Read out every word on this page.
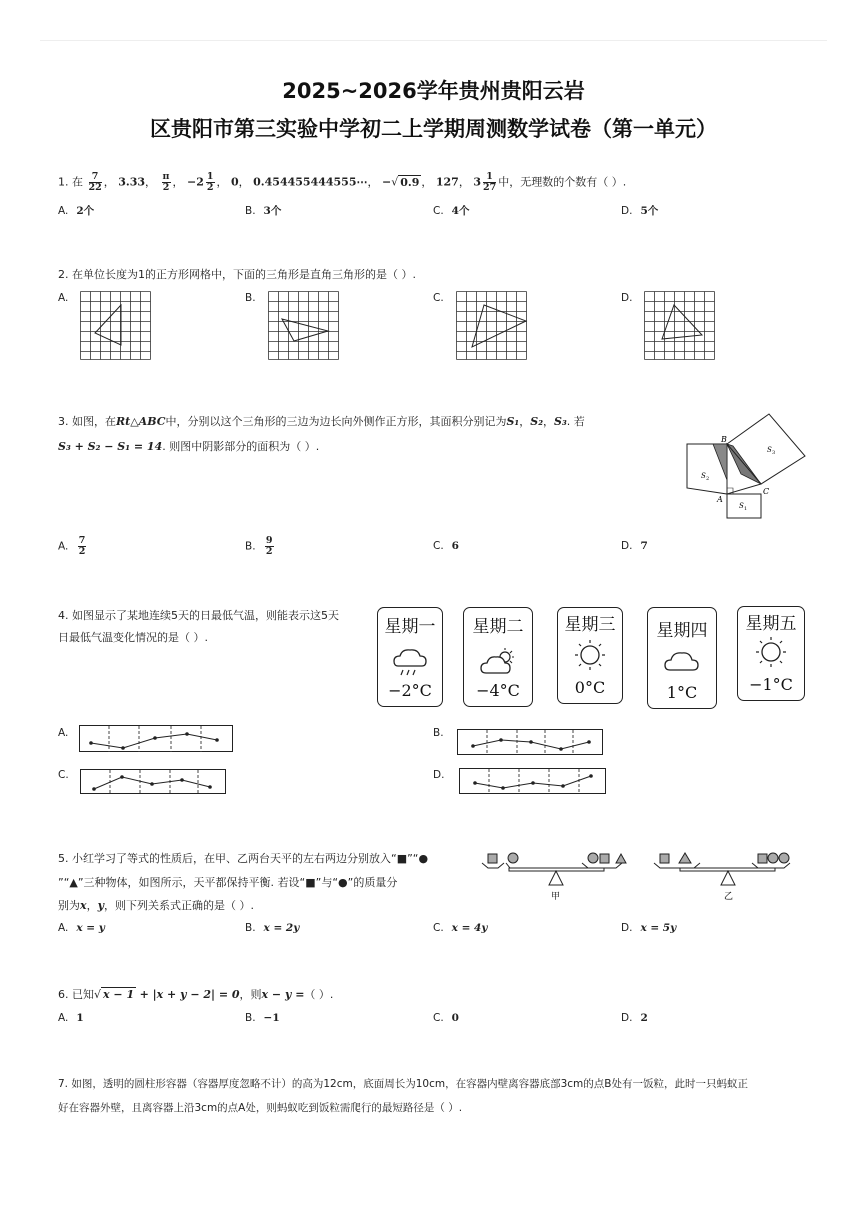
2025~2026学年贵州贵阳云岩
区贵阳市第三实验中学初二上学期周测数学试卷（第一单元）
1. 在 $\frac{7}{22}$ ， 3.33， $\frac{\pi}{2}$ ， $-2 \frac{1}{2}$ ， 0， 0.454455444555⋯， −√ 0.9 ， 127， $3 \frac{1}{27}$ 中，无理数的个数有（ ）.
A. 2个	B. 3个	C. 4个	D. 5个
2. 在单位长度为1的正方形网格中，下面的三角形是直角三角形的是（ ）.
A.	B.	C.	D.
3. 如图，在Rt△ABC中，分别以这个三角形的三边为边长向外侧作正方形，其面积分别记为S₁，S₂，S₃. 若
S₃ + S₂ − S₁ = 14. 则图中阴影部分的面积为（ ）.
B
A
C
S 1
S 2
S 3
A. $\frac{7}{2}$	B. $\frac{9}{2}$	C. 6	D. 7
4. 如图显示了某地连续5天的日最低气温，则能表示这5天
日最低气温变化情况的是（ ）.
星期一
−2°C
星期二
−4°C
星期三
0°C
星期四
1°C
星期五
−1°C
A.	B.
C.	D.
5. 小红学习了等式的性质后，在甲、乙两台天平的左右两边分别放入“■”“●
”“▲”三种物体，如图所示，天平都保持平衡. 若设“■”与“●”的质量分
别为x，y，则下列关系式正确的是（ ）.
甲	乙
A. x = y	B. x = 2y	C. x = 4y	D. x = 5y
6. 已知√ x − 1 + |x + y − 2| = 0，则x − y =（ ）.
A. 1	B. −1	C. 0	D. 2
7. 如图，透明的圆柱形容器（容器厚度忽略不计）的高为12cm，底面周长为10cm，在容器内壁离容器底部3cm的点B处有一饭粒，此时一只蚂蚁正
好在容器外壁，且离容器上沿3cm的点A处，则蚂蚁吃到饭粒需爬行的最短路径是（ ）.
